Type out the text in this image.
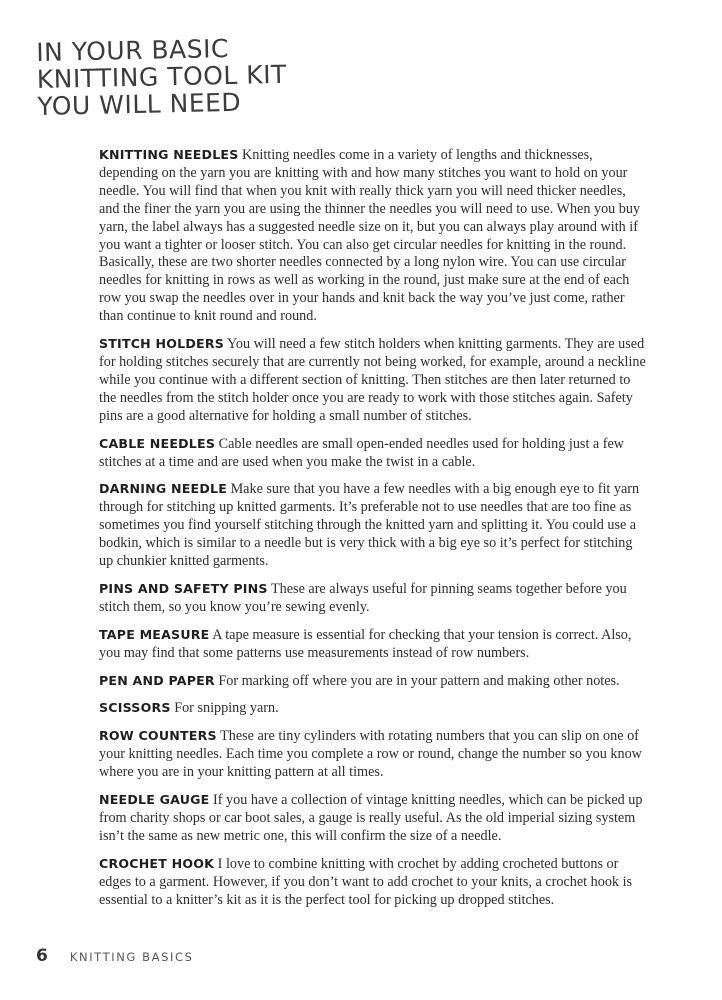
IN YOUR BASIC
KNITTING TOOL KIT
YOU WILL NEED

KNITTING NEEDLES Knitting needles come in a variety of lengths and thicknesses, depending on the yarn you are knitting with and how many stitches you want to hold on your needle. You will find that when you knit with really thick yarn you will need thicker needles, and the finer the yarn you are using the thinner the needles you will need to use. When you buy yarn, the label always has a suggested needle size on it, but you can always play around with if you want a tighter or looser stitch. You can also get circular needles for knitting in the round. Basically, these are two shorter needles connected by a long nylon wire. You can use circular needles for knitting in rows as well as working in the round, just make sure at the end of each row you swap the needles over in your hands and knit back the way you’ve just come, rather than continue to knit round and round.

STITCH HOLDERS You will need a few stitch holders when knitting garments. They are used for holding stitches securely that are currently not being worked, for example, around a neckline while you continue with a different section of knitting. Then stitches are then later returned to the needles from the stitch holder once you are ready to work with those stitches again. Safety pins are a good alternative for holding a small number of stitches.

CABLE NEEDLES Cable needles are small open-ended needles used for holding just a few stitches at a time and are used when you make the twist in a cable.

DARNING NEEDLE Make sure that you have a few needles with a big enough eye to fit yarn through for stitching up knitted garments. It’s preferable not to use needles that are too fine as sometimes you find yourself stitching through the knitted yarn and splitting it. You could use a bodkin, which is similar to a needle but is very thick with a big eye so it’s perfect for stitching up chunkier knitted garments.

PINS AND SAFETY PINS These are always useful for pinning seams together before you stitch them, so you know you’re sewing evenly.

TAPE MEASURE A tape measure is essential for checking that your tension is correct. Also, you may find that some patterns use measurements instead of row numbers.

PEN AND PAPER For marking off where you are in your pattern and making other notes.

SCISSORS For snipping yarn.

ROW COUNTERS These are tiny cylinders with rotating numbers that you can slip on one of your knitting needles. Each time you complete a row or round, change the number so you know where you are in your knitting pattern at all times.

NEEDLE GAUGE If you have a collection of vintage knitting needles, which can be picked up from charity shops or car boot sales, a gauge is really useful. As the old imperial sizing system isn’t the same as new metric one, this will confirm the size of a needle.

CROCHET HOOK I love to combine knitting with crochet by adding crocheted buttons or edges to a garment. However, if you don’t want to add crochet to your knits, a crochet hook is essential to a knitter’s kit as it is the perfect tool for picking up dropped stitches.

6 KNITTING BASICS
